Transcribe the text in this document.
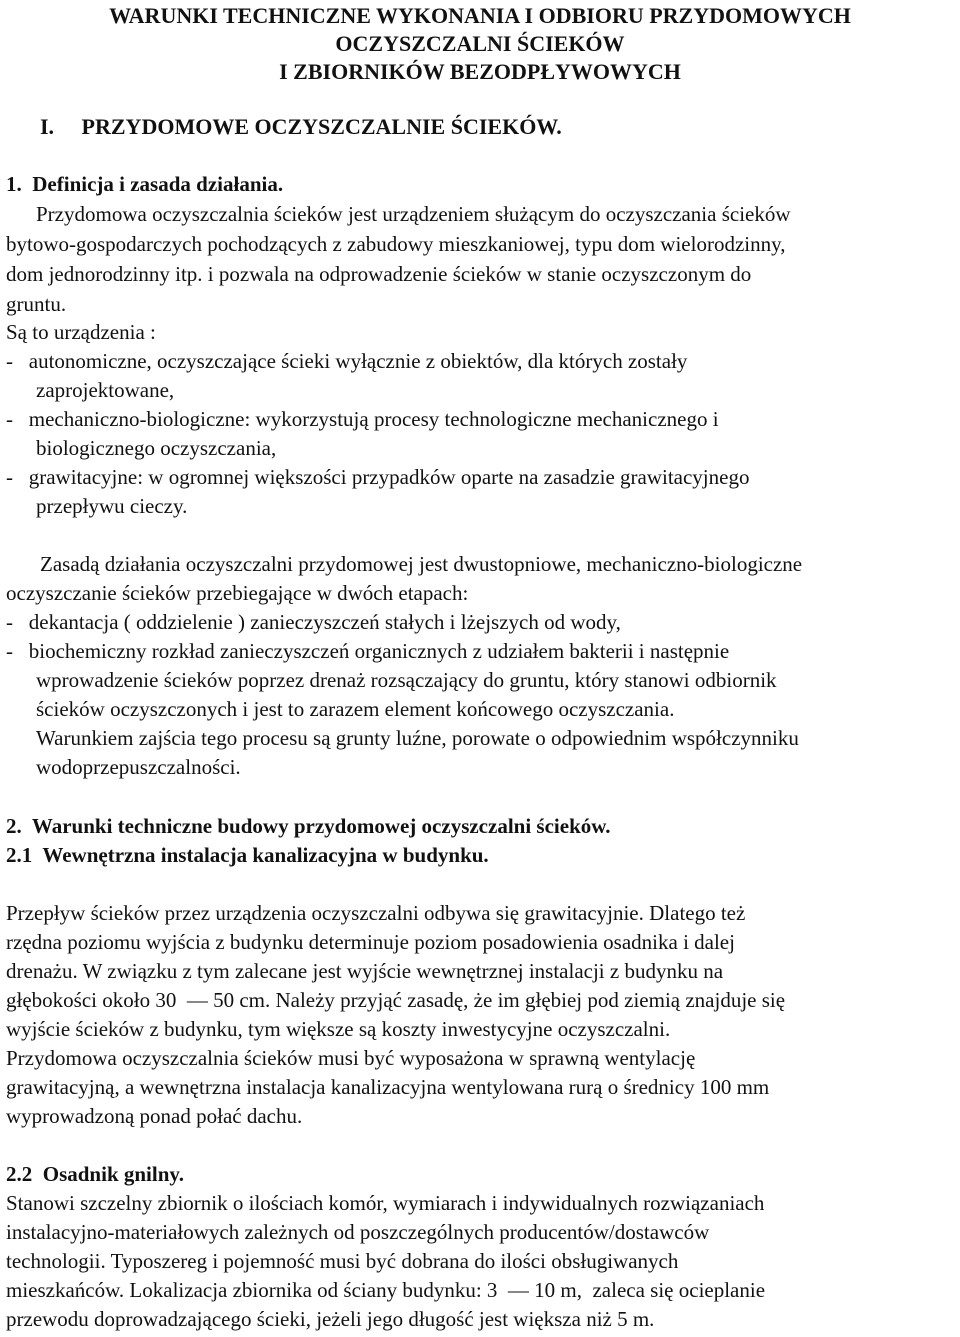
WARUNKI TECHNICZNE WYKONANIA I ODBIORU PRZYDOMOWYCH
OCZYSZCZALNI ŚCIEKÓW
I ZBIORNIKÓW BEZODPŁYWOWYCH
I.     PRZYDOMOWE OCZYSZCZALNIE ŚCIEKÓW.
1.  Definicja i zasada działania.
Przydomowa oczyszczalnia ścieków jest urządzeniem służącym do oczyszczania ścieków
bytowo-gospodarczych pochodzących z zabudowy mieszkaniowej, typu dom wielorodzinny,
dom jednorodzinny itp. i pozwala na odprowadzenie ścieków w stanie oczyszczonym do
gruntu.
Są to urządzenia :
-   autonomiczne, oczyszczające ścieki wyłącznie z obiektów, dla których zostały
zaprojektowane,
-   mechaniczno-biologiczne: wykorzystują procesy technologiczne mechanicznego i
biologicznego oczyszczania,
-   grawitacyjne: w ogromnej większości przypadków oparte na zasadzie grawitacyjnego
przepływu cieczy.
Zasadą działania oczyszczalni przydomowej jest dwustopniowe, mechaniczno-biologiczne
oczyszczanie ścieków przebiegające w dwóch etapach:
-   dekantacja ( oddzielenie ) zanieczyszczeń stałych i lżejszych od wody,
-   biochemiczny rozkład zanieczyszczeń organicznych z udziałem bakterii i następnie
wprowadzenie ścieków poprzez drenaż rozsączający do gruntu, który stanowi odbiornik
ścieków oczyszczonych i jest to zarazem element końcowego oczyszczania.
Warunkiem zajścia tego procesu są grunty luźne, porowate o odpowiednim współczynniku
wodoprzepuszczalności.
2.  Warunki techniczne budowy przydomowej oczyszczalni ścieków.
2.1  Wewnętrzna instalacja kanalizacyjna w budynku.
Przepływ ścieków przez urządzenia oczyszczalni odbywa się grawitacyjnie. Dlatego też
rzędna poziomu wyjścia z budynku determinuje poziom posadowienia osadnika i dalej
drenażu. W związku z tym zalecane jest wyjście wewnętrznej instalacji z budynku na
głębokości około 30  — 50 cm. Należy przyjąć zasadę, że im głębiej pod ziemią znajduje się
wyjście ścieków z budynku, tym większe są koszty inwestycyjne oczyszczalni.
Przydomowa oczyszczalnia ścieków musi być wyposażona w sprawną wentylację
grawitacyjną, a wewnętrzna instalacja kanalizacyjna wentylowana rurą o średnicy 100 mm
wyprowadzoną ponad połać dachu.
2.2  Osadnik gnilny.
Stanowi szczelny zbiornik o ilościach komór, wymiarach i indywidualnych rozwiązaniach
instalacyjno-materiałowych zależnych od poszczególnych producentów/dostawców
technologii. Typoszereg i pojemność musi być dobrana do ilości obsługiwanych
mieszkańców. Lokalizacja zbiornika od ściany budynku: 3  — 10 m,  zaleca się ocieplanie
przewodu doprowadzającego ścieki, jeżeli jego długość jest większa niż 5 m.
